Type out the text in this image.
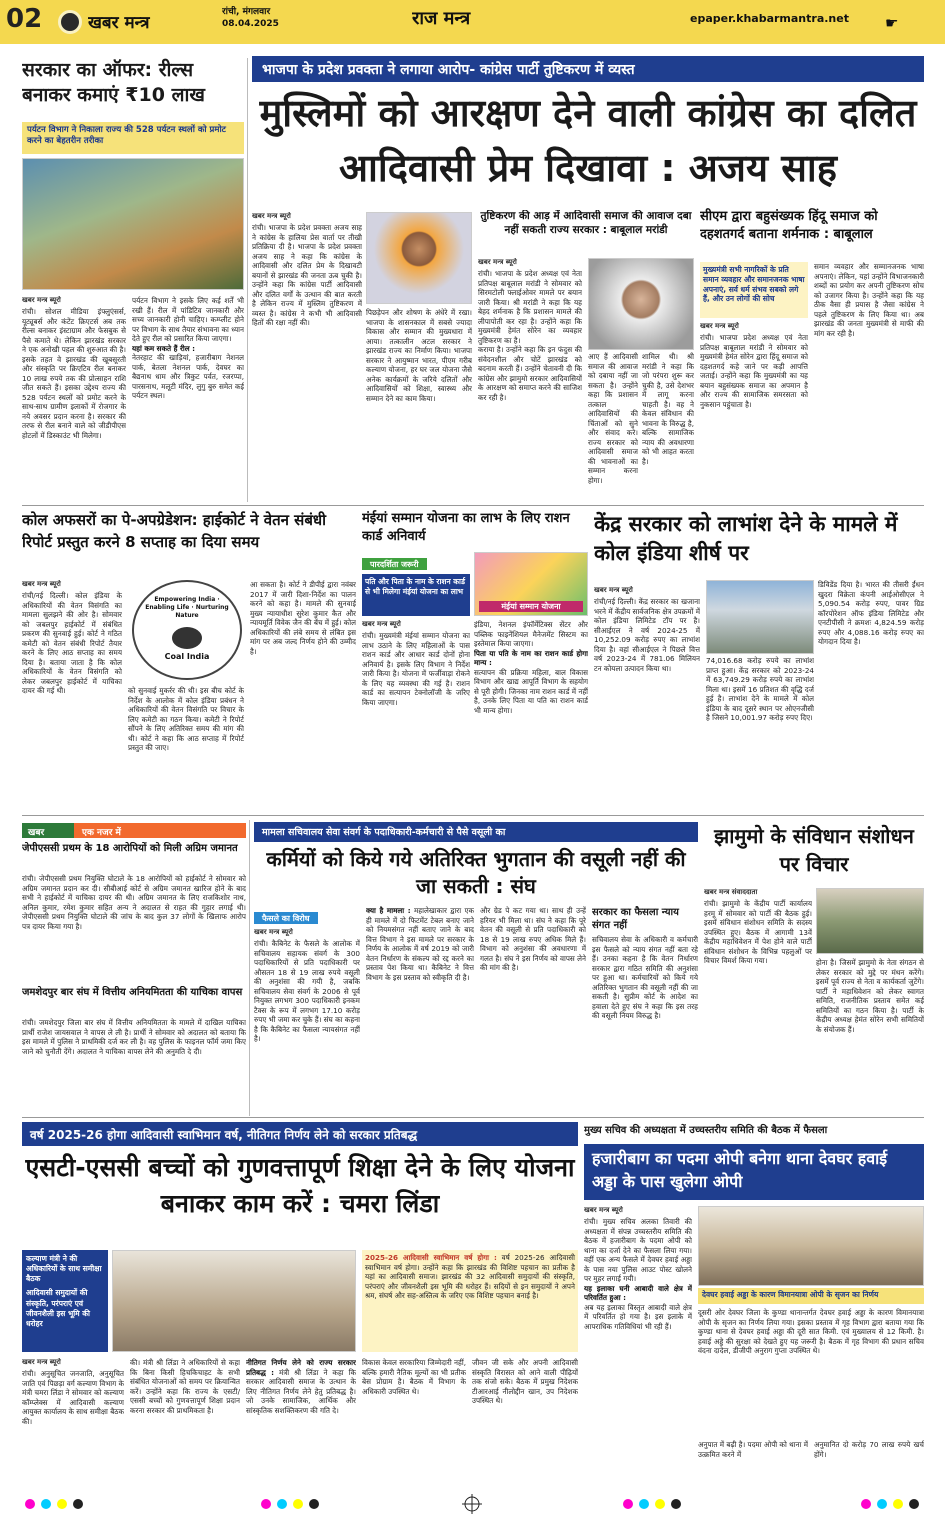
02	खबर मन्त्र
रांची, मंगलवार
08.04.2025	राज मन्त्र	epaper.khabarmantra.net	☛
सरकार का ऑफर: रील्स बनाकर कमाएं ₹10 लाख
पर्यटन विभाग ने निकाला राज्य की 528 पर्यटन स्थलों को प्रमोट करने का बेहतरीन तरीका
खबर मन्त्र ब्यूरो
रांची। सोशल मीडिया इंफ्लुएंसर्स, यूट्यूबर्स और कंटेंट क्रिएटर्स अब तक रील्स बनाकर इंस्टाग्राम और फेसबुक से पैसे कमाते थे। लेकिन झारखंड सरकार ने एक अनोखी पहल की शुरुआत की है। इसके तहत वे झारखंड की खूबसूरती और संस्कृति पर क्रिएटिव रील बनाकर 10 लाख रुपये तक की प्रोत्साहन राशि जीत सकते हैं। इसका उद्देश्य राज्य की 528 पर्यटन स्थलों को प्रमोट करने के साथ-साथ ग्रामीण इलाकों में रोजगार के नये अवसर प्रदान करना है। सरकार की तरफ से रील बनाने वाले को जीडीपीएस होटलों में डिस्काउंट भी मिलेगा।
पर्यटन विभाग ने इसके लिए कई शर्तें भी रखी हैं। रील में पांडिटिव जानकारी और सच्य जानकारी होनी चाहिए। कम्प्लीट होने पर विभाग के साथ तैयार संभावना का ध्यान देते हुए रील को प्रसारित किया जाएगा।
यहां कम सकते हैं रील :
नेतरहाट की खाड़ियां, हजारीबाग नेशनल पार्क, बेतला नेशनल पार्क, देवघर का बैद्यनाथ धाम और त्रिकुट पर्वत, रजरप्पा, पारसनाथ, मलूटी मंदिर, लुगु बुरु समेत कई पर्यटन स्थल।
भाजपा के प्रदेश प्रवक्ता ने लगाया आरोप- कांग्रेस पार्टी तुष्टिकरण में व्यस्त
मुस्लिमों को आरक्षण देने वाली कांग्रेस का दलित आदिवासी प्रेम दिखावा : अजय साह
खबर मन्त्र ब्यूरो
रांची। भाजपा के प्रदेश प्रवक्ता अजय साह ने कांग्रेस के हालिया प्रेस वार्ता पर तीखी प्रतिक्रिया दी है। भाजपा के प्रदेश प्रवक्ता अजय साह ने कहा कि कांग्रेस के आदिवासी और दलित प्रेम के दिखावटी बयानों से झारखंड की जनता ऊब चुकी है। उन्होंने कहा कि कांग्रेस पार्टी आदिवासी और दलित वर्गों के उत्थान की बात करती है लेकिन राज्य में मुस्लिम तुष्टिकरण में व्यस्त है। कांग्रेस ने कभी भी आदिवासी हितों की रक्षा नहीं की।
पिछड़ेपन और शोषण के अंधेरे में रखा। भाजपा के शासनकाल में सबसे ज्यादा विकास और सम्मान की मुख्यधारा में आया। तत्कालीन अटल सरकार ने झारखंड राज्य का निर्माण किया। भाजपा सरकार ने आयुष्मान भारत, पीएम गरीब कल्याण योजना, हर घर जल योजना जैसे अनेक कार्यक्रमों के जरिये दलितों और आदिवासियों को शिक्षा, स्वास्थ्य और सम्मान देने का काम किया।
तुष्टिकरण की आड़ में आदिवासी समाज की आवाज दबा नहीं सकती राज्य सरकार : बाबूलाल मरांडी
खबर मन्त्र ब्यूरो
रांची। भाजपा के प्रदेश अध्यक्ष एवं नेता प्रतिपक्ष बाबूलाल मरांडी ने सोमवार को सिरमटोली फ्लाईओवर मामले पर बयान जारी किया। श्री मरांडी ने कहा कि यह बेहद शर्मनाक है कि प्रशासन मामले की लीपापोती कर रहा है। उन्होंने कहा कि मुख्यमंत्री हेमंत सोरेन का व्यवहार तुष्टिकरण का है।
कराया है। उन्होंने कहा कि इन फंदुस की संवेदनशील और चोटें झारखंड को बदनाम करती हैं। उन्होंने चेतावनी दी कि कांग्रेस और झामुमो सरकार आदिवासियों के आरक्षण को समाप्त करने की साजिश कर रही है।
आए हैं आदिवासी समाज की आवाज को दबाया नहीं जा सकता है। उन्होंने कहा कि प्रशासन तत्काल आदिवासियों की चिंताओं को सुने और संवाद करे। राज्य सरकार को आदिवासी समाज की भावनाओं का सम्मान करना होगा।
शामिल थी। श्री मरांडी ने कहा कि जो परंपरा शुरू कर चुकी है, उसे देशभर में लागू करना चाहती है। वह ने केवल संविधान की भावना के विरुद्ध है, बल्कि सामाजिक न्याय की अवधारणा को भी आहत करता है।
सीएम द्वारा बहुसंख्यक हिंदू समाज को दहशतगर्द बताना शर्मनाक : बाबूलाल
मुख्यमंत्री सभी नागरिकों के प्रति समान व्यवहार और समानजनक भाषा अपनाएं, सर्व धर्म संभव सबको लगे हैं, और उन लोगों की सोच
खबर मन्त्र ब्यूरो
रांची। भाजपा प्रदेश अध्यक्ष एवं नेता प्रतिपक्ष बाबूलाल मरांडी ने सोमवार को मुख्यमंत्री हेमंत सोरेन द्वारा हिंदू समाज को दहशतगर्द कहे जाने पर कड़ी आपत्ति जताई। उन्होंने कहा कि मुख्यमंत्री का यह बयान बहुसंख्यक समाज का अपमान है और राज्य की सामाजिक समरसता को नुकसान पहुंचाता है।
समान व्यवहार और सम्मानजनक भाषा अपनाएं। लेकिन, यहां उन्होंने विभाजनकारी शब्दों का प्रयोग कर अपनी तुष्टिकरण सोच को उजागर किया है। उन्होंने कहा कि यह ठीक वैसा ही प्रयास है जैसा कांग्रेस ने पहले तुष्टिकरण के लिए किया था। अब झारखंड की जनता मुख्यमंत्री से माफी की मांग कर रही है।
कोल अफसरों का पे-अपग्रेडेशन: हाईकोर्ट ने वेतन संबंधी रिपोर्ट प्रस्तुत करने 8 सप्ताह का दिया समय
खबर मन्त्र ब्यूरो
रांची/नई दिल्ली। कोल इंडिया के अधिकारियों की वेतन विसंगति का मामला सुलझने की ओर है। सोमवार को जबलपुर हाईकोर्ट में संबंधित प्रकरण की सुनवाई हुई। कोर्ट ने गठित कमेटी को वेतन संबंधी रिपोर्ट तैयार करने के लिए आठ सप्ताह का समय दिया है। बताया जाता है कि कोल अधिकारियों के वेतन विसंगति को लेकर जबलपुर हाईकोर्ट में याचिका दायर की गई थी।
Empowering India · Enabling Life · Nurturing Nature
Coal India
को सुनवाई मुकर्रर की थी। इस बीच कोर्ट के निर्देश के आलोक में कोल इंडिया प्रबंधन ने अधिकारियों की वेतन विसंगति पर विचार के लिए कमेटी का गठन किया। कमेटी ने रिपोर्ट सौंपने के लिए अतिरिक्त समय की मांग की थी। कोर्ट ने कहा कि आठ सप्ताह में रिपोर्ट प्रस्तुत की जाए।
आ सकता है। कोर्ट ने डीपीई द्वारा नवंबर 2017 में जारी दिशा-निर्देश का पालन करने को कहा है। मामले की सुनवाई मुख्य न्यायाधीश सुरेश कुमार कैत और न्यायमूर्ति विवेक जैन की बेंच में हुई। कोल अधिकारियों की लंबे समय से लंबित इस मांग पर अब जल्द निर्णय होने की उम्मीद है।
मंईयां सम्मान योजना का लाभ के लिए राशन कार्ड अनिवार्य
पारदर्शिता जरूरी
पति और पिता के नाम के राशन कार्ड से भी मिलेगा मंईयां योजना का लाभ
मंईयां सम्मान योजना
खबर मन्त्र ब्यूरो
रांची। मुख्यमंत्री मंईयां सम्मान योजना का लाभ उठाने के लिए महिलाओं के पास राशन कार्ड और आधार कार्ड दोनों होना अनिवार्य है। इसके लिए विभाग ने निर्देश जारी किया है। योजना में फर्जीवाड़ा रोकने के लिए यह व्यवस्था की गई है। राशन कार्ड का सत्यापन टेक्नोलॉजी के जरिए किया जाएगा।
इंडिया, नेशनल इंफॉर्मेटिक्स सेंटर और पब्लिक फाइनेंशियल मैनेजमेंट सिस्टम का इस्तेमाल किया जाएगा।
पिता या पति के नाम का राशन कार्ड होगा मान्य :
सत्यापन की प्रक्रिया महिला, बाल विकास विभाग और खाद्य आपूर्ति विभाग के सहयोग से पूरी होगी। जिनका नाम राशन कार्ड में नहीं है, उनके लिए पिता या पति का राशन कार्ड भी मान्य होगा।
केंद्र सरकार को लाभांश देने के मामले में कोल इंडिया शीर्ष पर
खबर मन्त्र ब्यूरो
रांची/नई दिल्ली। केंद्र सरकार का खजाना भरने में केंद्रीय सार्वजनिक क्षेत्र उपक्रमों में कोल इंडिया लिमिटेड टॉप पर है। सीआईएल ने वर्ष 2024-25 में 10,252.09 करोड़ रुपए का लाभांश दिया है। वहां सीआईएल ने पिछले वित्त वर्ष 2023-24 में 781.06 मिलियन टन कोयला उत्पादन किया था।
74,016.68 करोड़ रुपये का लाभांश प्राप्त हुआ। केंद्र सरकार को 2023-24 में 63,749.29 करोड़ रुपये का लाभांश मिला था। इसमें 16 प्रतिशत की वृद्धि दर्ज हुई है। लाभांश देने के मामले में कोल इंडिया के बाद दूसरे स्थान पर ओएनजीसी है जिसने 10,001.97 करोड़ रुपए दिए।
डिविडेंड दिया है। भारत की तीसरी ईंधन खुदरा विक्रेता कंपनी आईओसीएल ने 5,090.54 करोड़ रुपए, पावर ग्रिड कॉरपोरेशन ऑफ इंडिया लिमिटेड और एनटीपीसी ने क्रमशः 4,824.59 करोड़ रुपए और 4,088.16 करोड़ रुपए का योगदान दिया है।
खबर	एक नजर में
जेपीएससी प्रथम के 18 आरोपियों को मिली अग्रिम जमानत
रांची। जेपीएससी प्रथम नियुक्ति घोटाले के 18 आरोपियों को हाईकोर्ट ने सोमवार को अग्रिम जमानत प्रदान कर दी। सीबीआई कोर्ट से अग्रिम जमानत खारिज होने के बाद सभी ने हाईकोर्ट में याचिका दायर की थी। अग्रिम जमानत के लिए राजकिशोर नाथ, अनिल कुमार, रमेश कुमार सहित अन्य ने अदालत से राहत की गुहार लगाई थी। जेपीएससी प्रथम नियुक्ति घोटाले की जांच के बाद कुल 37 लोगों के खिलाफ आरोप पत्र दायर किया गया है।
जमशेदपुर बार संघ में वित्तीय अनियमितता की याचिका वापस
रांची। जमशेदपुर जिला बार संघ में वित्तीय अनियमितता के मामले में दाखिल याचिका प्रार्थी राजेश जायसवाल ने वापस ले ली है। प्रार्थी ने सोमवार को अदालत को बताया कि इस मामले में पुलिस ने प्राथमिकी दर्ज कर ली है। वह पुलिस के फाइनल फॉर्म जमा किए जाने को चुनौती देंगे। अदालत ने याचिका वापस लेने की अनुमति दे दी।
मामला सचिवालय सेवा संवर्ग के पदाधिकारी-कर्मचारी से पैसे वसूली का
कर्मियों को किये गये अतिरिक्त भुगतान की वसूली नहीं की जा सकती : संघ
फैसले का विरोध
खबर मन्त्र ब्यूरो
रांची। कैबिनेट के फैसले के आलोक में सचिवालय सहायक संवर्ग के 300 पदाधिकारियों से प्रति पदाधिकारी पर औसतन 18 से 19 लाख रुपये वसूली की अनुशंसा की गयी है, जबकि सचिवालय सेवा संवर्ग के 2006 से पूर्व नियुक्त लगभग 300 पदाधिकारी इनकम टैक्स के रूप में लगभग 17.10 करोड़ रुपए भी जमा कर चुके हैं। संघ का कहना है कि कैबिनेट का फैसला न्यायसंगत नहीं है।
क्या है मामला : महालेखाकार द्वारा एक ही मामले में दो फिटमेंट टेबल बनाए जाने को नियमसंगत नहीं बताए जाने के बाद वित्त विभाग ने इस मामले पर सरकार के निर्णय के आलोक में वर्ष 2019 को जारी वेतन निर्धारण के संकल्प को रद्द करने का प्रस्ताव पेश किया था। कैबिनेट ने वित्त विभाग के इस प्रस्ताव को स्वीकृति दी है।
और ग्रेड पे कट गया था। साथ ही उन्हें हरियर भी मिला था। संघ ने कहा कि पूरे वेतन की वसूली से प्रति पदाधिकारी को 18 से 19 लाख रुपए अधिक मिले हैं। विभाग को अनुशंसा की अवधारणा में गलत है। संघ ने इस निर्णय को वापस लेने की मांग की है।
सरकार का फैसला न्याय संगत नहीं
सचिवालय सेवा के अधिकारी व कर्मचारी इस फैसले को न्याय संगत नहीं बता रहे हैं। उनका कहना है कि वेतन निर्धारण सरकार द्वारा गठित समिति की अनुशंसा पर हुआ था। कर्मचारियों को किये गये अतिरिक्त भुगतान की वसूली नहीं की जा सकती है। सुप्रीम कोर्ट के आदेश का हवाला देते हुए संघ ने कहा कि इस तरह की वसूली नियम विरुद्ध है।
झामुमो के संविधान संशोधन पर विचार
खबर मन्त्र संवाददाता
रांची। झामुमो के केंद्रीय पार्टी कार्यालय हरमू में सोमवार को पार्टी की बैठक हुई। इसमें संविधान संशोधन समिति के सदस्य उपस्थित हुए। बैठक में आगामी 13वें केंद्रीय महाधिवेशन में पेश होने वाले पार्टी संविधान संशोधन के विभिन्न पहलुओं पर विचार विमर्श किया गया।	होना है। जिसमें झामुमो के नेता संगठन से लेकर सरकार को मुद्दे पर मंथन करेंगे। इसमें पूर्व राज्य से नेता व कार्यकर्ता जुटेंगे। पार्टी ने महाधिवेशन को लेकर स्वागत समिति, राजनीतिक प्रस्ताव समेत कई समितियों का गठन किया है। पार्टी के केंद्रीय अध्यक्ष हेमंत सोरेन सभी समितियों के संयोजक हैं।
वर्ष 2025-26 होगा आदिवासी स्वाभिमान वर्ष, नीतिगत निर्णय लेने को सरकार प्रतिबद्ध
एसटी-एससी बच्चों को गुणवत्तापूर्ण शिक्षा देने के लिए योजना बनाकर काम करें : चमरा लिंडा
कल्याण मंत्री ने की अधिकारियों के साथ समीक्षा बैठक
आदिवासी समुदायों की संस्कृति, परंपराएं एवं जीवनशैली इस भूमि की धरोहर
खबर मन्त्र ब्यूरो
रांची। अनुसूचित जनजाति, अनुसूचित जाति एवं पिछड़ा वर्ग कल्याण विभाग के मंत्री चमरा लिंडा ने सोमवार को कल्याण कॉम्प्लेक्स में आदिवासी कल्याण आयुक्त कार्यालय के साथ समीक्षा बैठक की।
की। मंत्री श्री लिंडा ने अधिकारियों से कहा कि बिना किसी हिचकिचाहट के सभी संबंधित योजनाओं को समय पर क्रियान्वित करें। उन्होंने कहा कि राज्य के एसटी/एससी बच्चों को गुणवत्तापूर्ण शिक्षा प्रदान करना सरकार की प्राथमिकता है।
नीतिगत निर्णय लेने को राज्य सरकार प्रतिबद्ध : मंत्री श्री लिंडा ने कहा कि सरकार आदिवासी समाज के उत्थान के लिए नीतिगत निर्णय लेने हेतु प्रतिबद्ध है। जो उनके सामाजिक, आर्थिक और सांस्कृतिक सशक्तिकरण की गति दे।
2025-26 आदिवासी स्वाभिमान वर्ष होगा : वर्ष 2025-26 आदिवासी स्वाभिमान वर्ष होगा। उन्होंने कहा कि झारखंड की विशिष्ट पहचान का प्रतीक है यहां का आदिवासी समाज। झारखंड की 32 आदिवासी समुदायों की संस्कृति, परंपराएं और जीवनशैली इस भूमि की धरोहर हैं। सदियों से इन समुदायों ने अपने श्रम, संघर्ष और सह-अस्तित्व के जरिए एक विशिष्ट पहचान बनाई है।
विकास केवल सरकारिया जिम्मेदारी नहीं, बल्कि हमारी नैतिक मूल्यों का भी प्रतीक बेस प्रोग्राम है। बैठक में विभाग के अधिकारी उपस्थित थे।
जीवन जी सके और अपनी आदिवासी संस्कृति विरासत को आने वाली पीढ़ियों तक संजो सके। बैठक में प्रमुख निदेशक टीआरआई नीलोद्दीन खान, उप निदेशक उपस्थित थे।
मुख्य सचिव की अध्यक्षता में उच्चस्तरीय समिति की बैठक में फैसला
हजारीबाग का पदमा ओपी बनेगा थाना देवघर हवाई अड्डा के पास खुलेगा ओपी
खबर मन्त्र ब्यूरो
रांची। मुख्य सचिव अलका तिवारी की अध्यक्षता में संपन्न उच्चस्तरीय समिति की बैठक में हजारीबाग के पदमा ओपी को थाना का दर्जा देने का फैसला लिया गया। वहीं एक अन्य फैसले में देवघर हवाई अड्डा के पास नया पुलिस आउट पोस्ट खोलने पर मुहर लगाई गयी।
यह इलाका घनी आबादी वाले क्षेत्र में परिवर्तित हुआ :
अब यह इलाका विस्तृत आबादी वाले क्षेत्र में परिवर्तित हो गया है। इस इलाके में आपराधिक गतिविधियां भी रही हैं।
देवघर हवाई अड्डा के कारण विमानयात्रा ओपी के सृजन का निर्णय
दूसरी ओर देवघर जिला के कुण्डा थानान्तर्गत देवघर हवाई अड्डा के कारण विमानयात्रा ओपी के सृजन का निर्णय लिया गया। इसका प्रस्ताव में गृह विभाग द्वारा बताया गया कि कुण्डा थाना से देवघर हवाई अड्डा की दूरी सात किमी. एवं मुख्यालय से 12 किमी. है। हवाई अड्डे की सुरक्षा को देखते हुए यह जरूरी है। बैठक में गृह विभाग की प्रधान सचिव वंदना दादेल, डीजीपी अनुराग गुप्ता उपस्थित थे।
अनुपात में बढ़ी है। पदमा ओपी को थाना में उत्क्रमित करने में
अनुमानित दो करोड़ 70 लाख रुपये खर्च होंगे।
